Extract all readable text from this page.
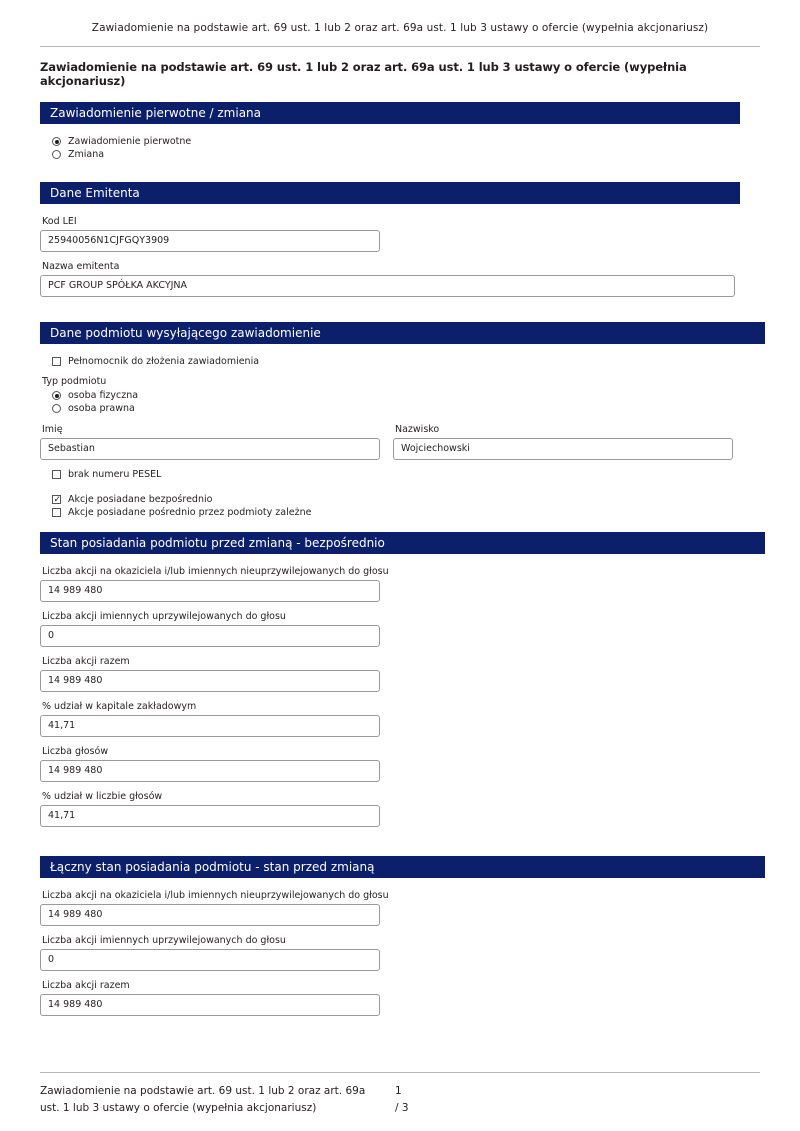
Zawiadomienie na podstawie art. 69 ust. 1 lub 2 oraz art. 69a ust. 1 lub 3 ustawy o ofercie (wypełnia akcjonariusz)
Zawiadomienie na podstawie art. 69 ust. 1 lub 2 oraz art. 69a ust. 1 lub 3 ustawy o ofercie (wypełnia akcjonariusz)
Zawiadomienie pierwotne / zmiana
Zawiadomienie pierwotne
Zmiana
Dane Emitenta
Kod LEI
25940056N1CJFGQY3909
Nazwa emitenta
PCF GROUP SPÓŁKA AKCYJNA
Dane podmiotu wysyłającego zawiadomienie
Pełnomocnik do złożenia zawiadomienia
Typ podmiotu
osoba fizyczna
osoba prawna
Imię
Sebastian
Nazwisko
Wojciechowski
brak numeru PESEL
✓
Akcje posiadane bezpośrednio
Akcje posiadane pośrednio przez podmioty zależne
Stan posiadania podmiotu przed zmianą - bezpośrednio
Liczba akcji na okaziciela i/lub imiennych nieuprzywilejowanych do głosu
14 989 480
Liczba akcji imiennych uprzywilejowanych do głosu
0
Liczba akcji razem
14 989 480
% udział w kapitale zakładowym
41,71
Liczba głosów
14 989 480
% udział w liczbie głosów
41,71
Łączny stan posiadania podmiotu - stan przed zmianą
Liczba akcji na okaziciela i/lub imiennych nieuprzywilejowanych do głosu
14 989 480
Liczba akcji imiennych uprzywilejowanych do głosu
0
Liczba akcji razem
14 989 480
Zawiadomienie na podstawie art. 69 ust. 1 lub 2 oraz art. 69a	1
ust. 1 lub 3 ustawy o ofercie (wypełnia akcjonariusz)	/ 3
